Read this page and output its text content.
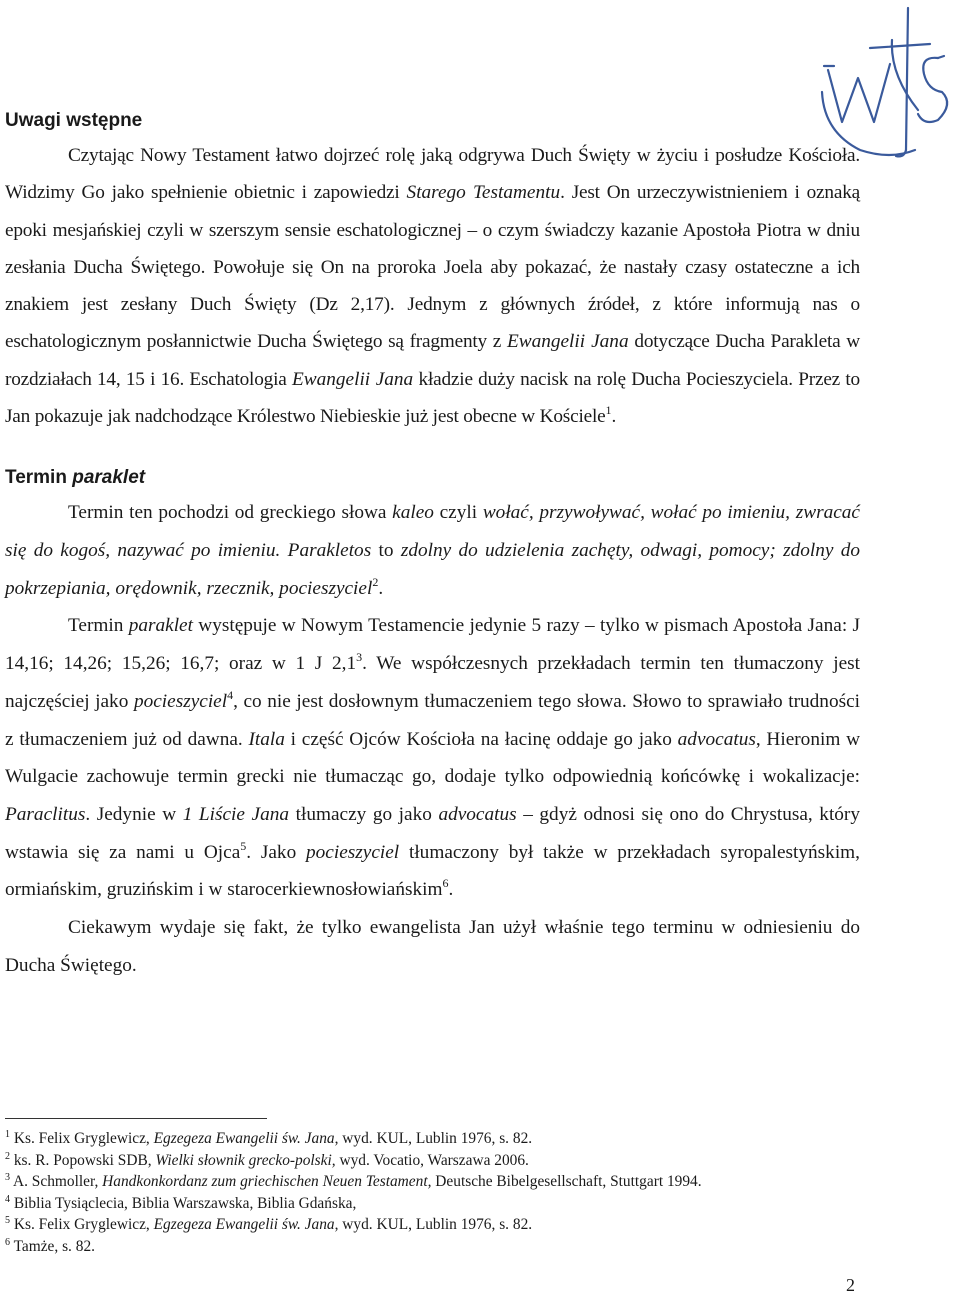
wst
Uwagi wstępne

Czytając Nowy Testament łatwo dojrzeć rolę jaką odgrywa Duch Święty w życiu i posłudze Kościoła. Widzimy Go jako spełnienie obietnic i zapowiedzi Starego Testamentu. Jest On urzeczywistnieniem i oznaką epoki mesjańskiej czyli w szerszym sensie eschatologicznej – o czym świadczy kazanie Apostoła Piotra w dniu zesłania Ducha Świętego. Powołuje się On na proroka Joela aby pokazać, że nastały czasy ostateczne a ich znakiem jest zesłany Duch Święty (Dz 2,17). Jednym z głównych źródeł, z które informują nas o eschatologicznym posłannictwie Ducha Świętego są fragmenty z Ewangelii Jana dotyczące Ducha Parakleta w rozdziałach 14, 15 i 16. Eschatologia Ewangelii Jana kładzie duży nacisk na rolę Ducha Pocieszyciela. Przez to Jan pokazuje jak nadchodzące Królestwo Niebieskie już jest obecne w Kościele$^1$.

Termin paraklet

Termin ten pochodzi od greckiego słowa kaleo czyli wołać, przywoływać, wołać po imieniu, zwracać się do kogoś, nazywać po imieniu. Parakletos to zdolny do udzielenia zachęty, odwagi, pomocy; zdolny do pokrzepiania, orędownik, rzecznik, pocieszyciel$^2$.

Termin paraklet występuje w Nowym Testamencie jedynie 5 razy – tylko w pismach Apostoła Jana: J 14,16; 14,26; 15,26; 16,7; oraz w 1 J $2,1^3$. We współczesnych przekładach termin ten tłumaczony jest najczęściej jako pocieszyciel$^4$, co nie jest dosłownym tłumaczeniem tego słowa. Słowo to sprawiało trudności z tłumaczeniem już od dawna. Itala i część Ojców Kościoła na łacinę oddaje go jako advocatus, Hieronim w Wulgacie zachowuje termin grecki nie tłumacząc go, dodaje tylko odpowiednią końcówkę i wokalizacje: Paraclitus. Jedynie w 1 Liście Jana tłumaczy go jako advocatus – gdyż odnosi się ono do Chrystusa, który wstawia się za nami u Ojca$^5$. Jako pocieszyciel tłumaczony był także w przekładach syropalestyńskim, ormiańskim, gruzińskim i w starocerkiewnosłowiańskim$^6$.

Ciekawym wydaje się fakt, że tylko ewangelista Jan użył właśnie tego terminu w odniesieniu do Ducha Świętego.

$^1$ Ks. Felix Gryglewicz, Egzegeza Ewangelii św. Jana, wyd. KUL, Lublin 1976, s. 82.
$^2$ ks. R. Popowski SDB, Wielki słownik grecko-polski, wyd. Vocatio, Warszawa 2006.
$^3$ A. Schmoller, Handkonkordanz zum griechischen Neuen Testament, Deutsche Bibelgesellschaft, Stuttgart 1994.
$^4$ Biblia Tysiąclecia, Biblia Warszawska, Biblia Gdańska,
$^5$ Ks. Felix Gryglewicz, Egzegeza Ewangelii św. Jana, wyd. KUL, Lublin 1976, s. 82.
$^6$ Tamże, s. 82.
2
